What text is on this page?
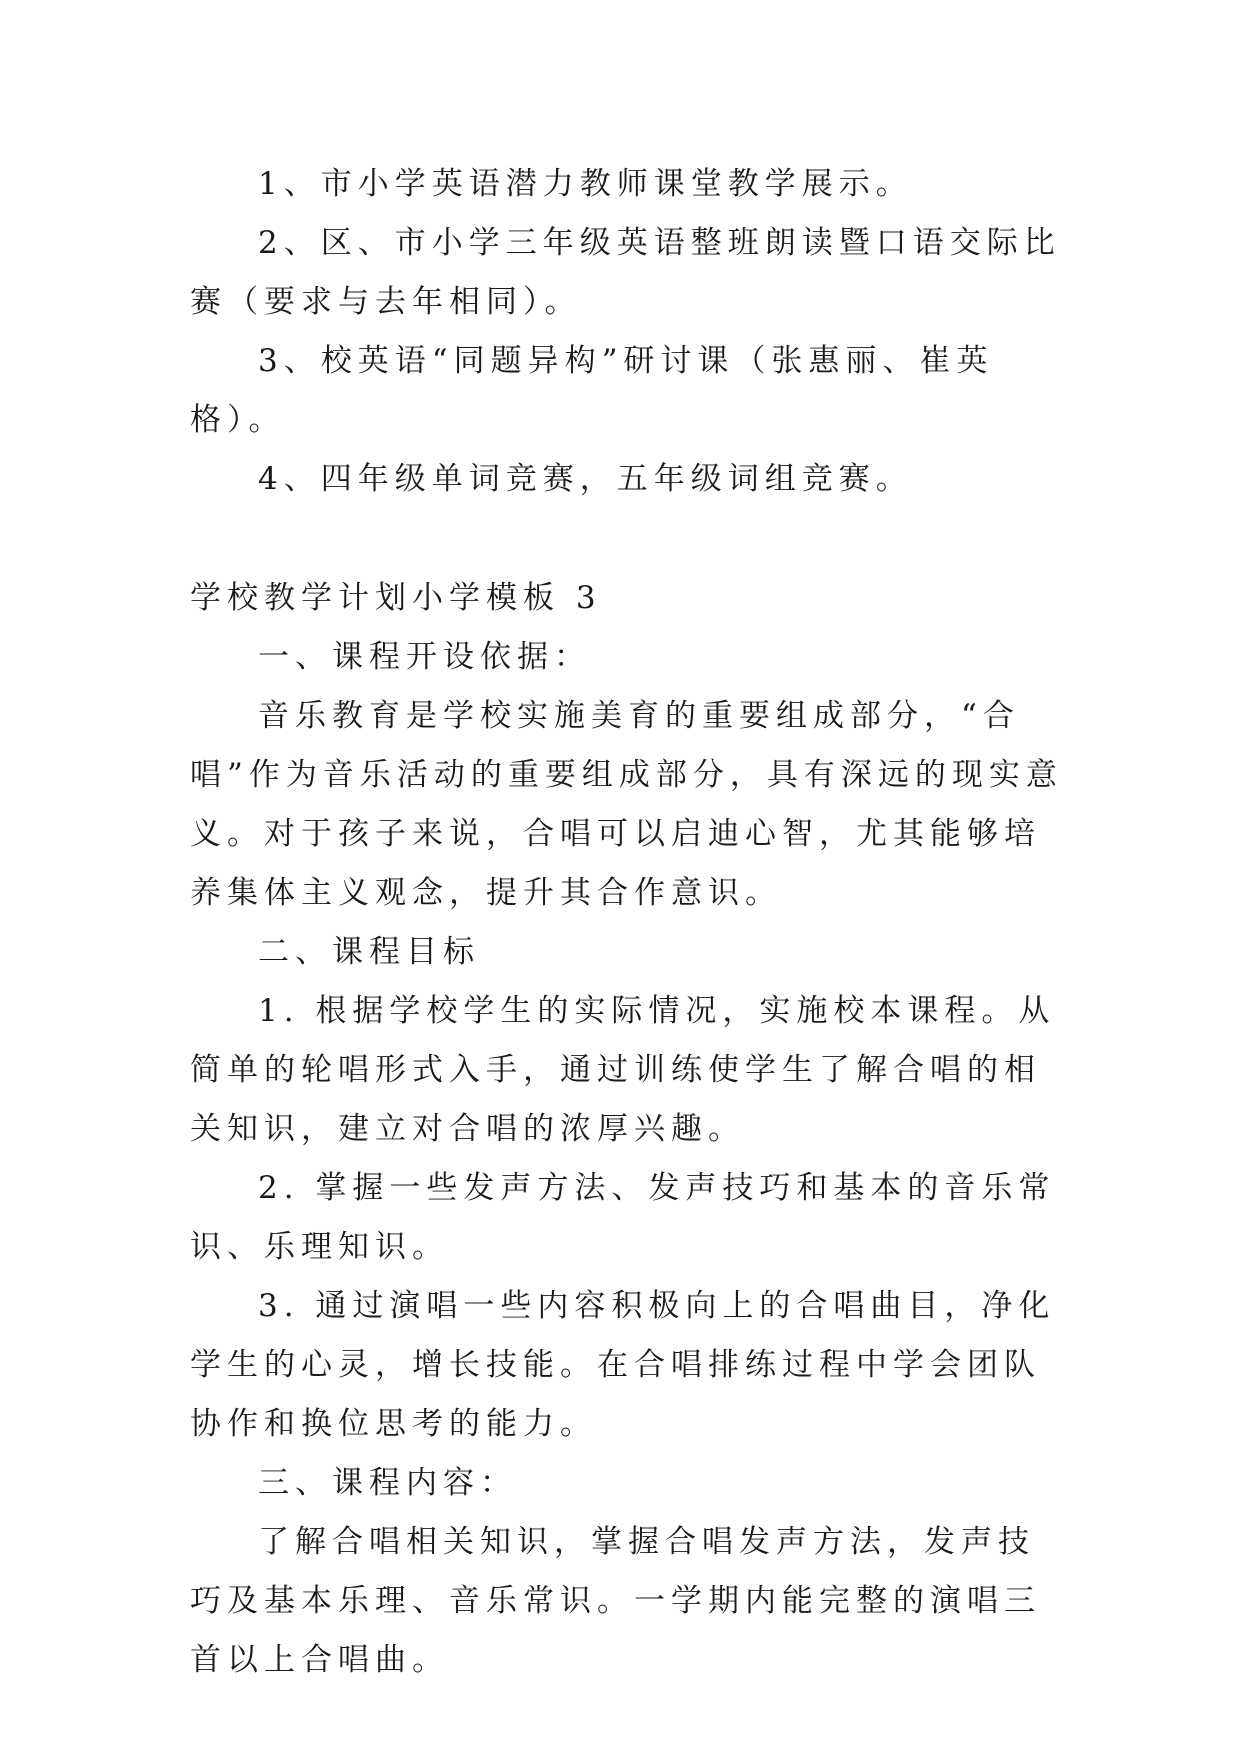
1、市小学英语潜力教师课堂教学展示。

2、区、市小学三年级英语整班朗读暨口语交际比赛（要求与去年相同）。

3、校英语“同题异构”研讨课（张惠丽、崔英格）。

4、四年级单词竞赛，五年级词组竞赛。

学校教学计划小学模板 3

一、课程开设依据：

音乐教育是学校实施美育的重要组成部分，“合唱”作为音乐活动的重要组成部分，具有深远的现实意义。对于孩子来说，合唱可以启迪心智，尤其能够培养集体主义观念，提升其合作意识。

二、课程目标

1. 根据学校学生的实际情况，实施校本课程。从简单的轮唱形式入手，通过训练使学生了解合唱的相关知识，建立对合唱的浓厚兴趣。

2. 掌握一些发声方法、发声技巧和基本的音乐常识、乐理知识。

3. 通过演唱一些内容积极向上的合唱曲目，净化学生的心灵，增长技能。在合唱排练过程中学会团队协作和换位思考的能力。

三、课程内容：

了解合唱相关知识，掌握合唱发声方法，发声技巧及基本乐理、音乐常识。一学期内能完整的演唱三首以上合唱曲。
